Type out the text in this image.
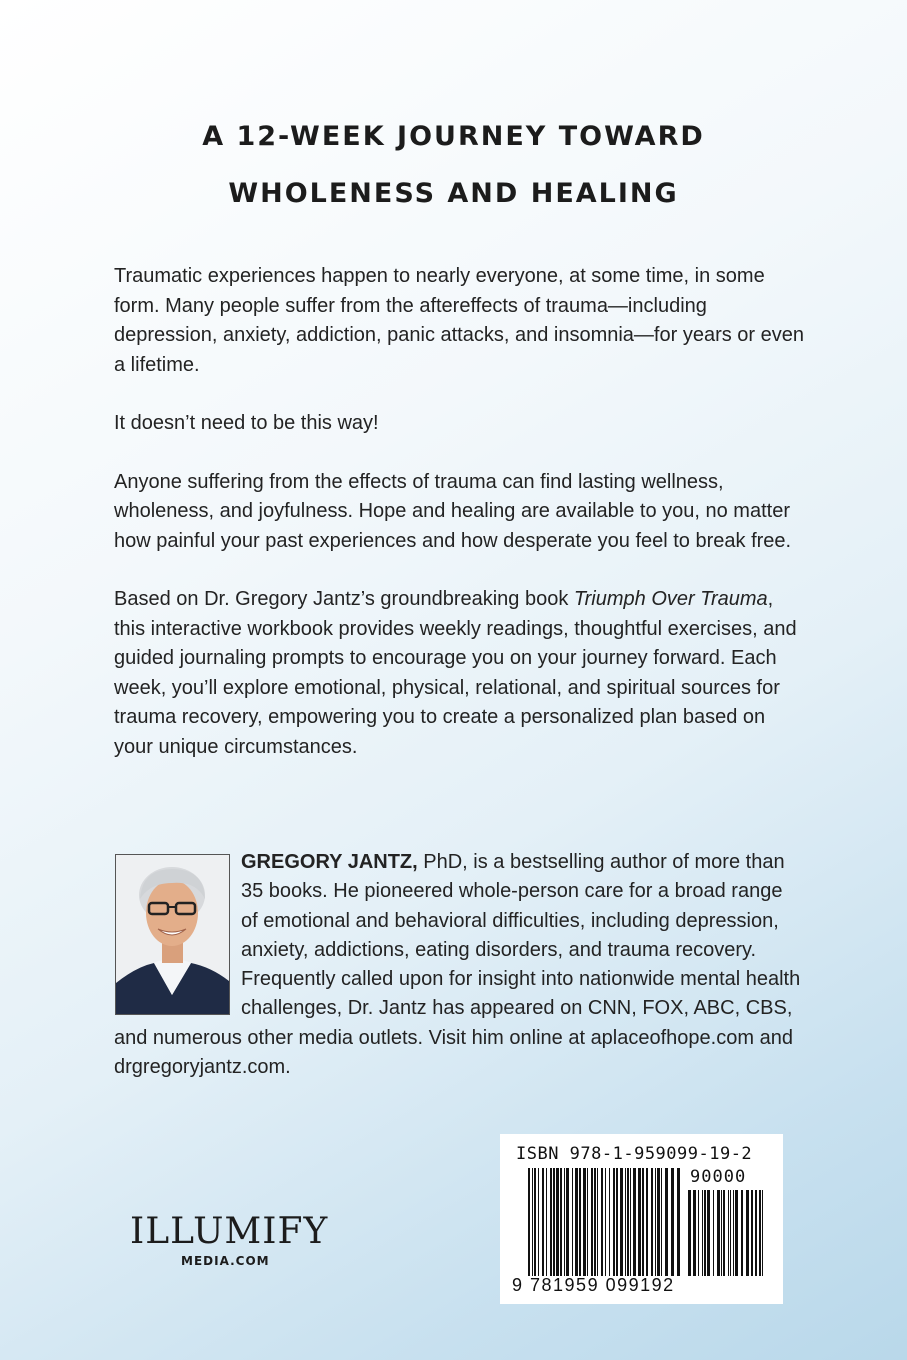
A 12-WEEK JOURNEY TOWARD
WHOLENESS AND HEALING

Traumatic experiences happen to nearly everyone, at some time, in some form. Many people suffer from the aftereffects of trauma—including depression, anxiety, addiction, panic attacks, and insomnia—for years or even a lifetime.

It doesn’t need to be this way!

Anyone suffering from the effects of trauma can find lasting wellness, wholeness, and joyfulness. Hope and healing are available to you, no matter how painful your past experiences and how desperate you feel to break free.

Based on Dr. Gregory Jantz’s groundbreaking book Triumph Over Trauma, this interactive workbook provides weekly readings, thoughtful exercises, and guided journaling prompts to encourage you on your journey forward. Each week, you’ll explore emotional, physical, relational, and spiritual sources for trauma recovery, empowering you to create a personalized plan based on your unique circumstances.

GREGORY JANTZ, PhD, is a bestselling author of more than 35 books. He pioneered whole-person care for a broad range of emotional and behavioral difficulties, including depression, anxiety, addictions, eating disorders, and trauma recovery. Frequently called upon for insight into nationwide mental health challenges, Dr. Jantz has appeared on CNN, FOX, ABC, CBS, and numerous other media outlets. Visit him online at aplaceofhope.com and drgregoryjantz.com.
ILLUMIFY
MEDIA.COM
ISBN 978-1-959099-19-2
90000
9 781959 099192
